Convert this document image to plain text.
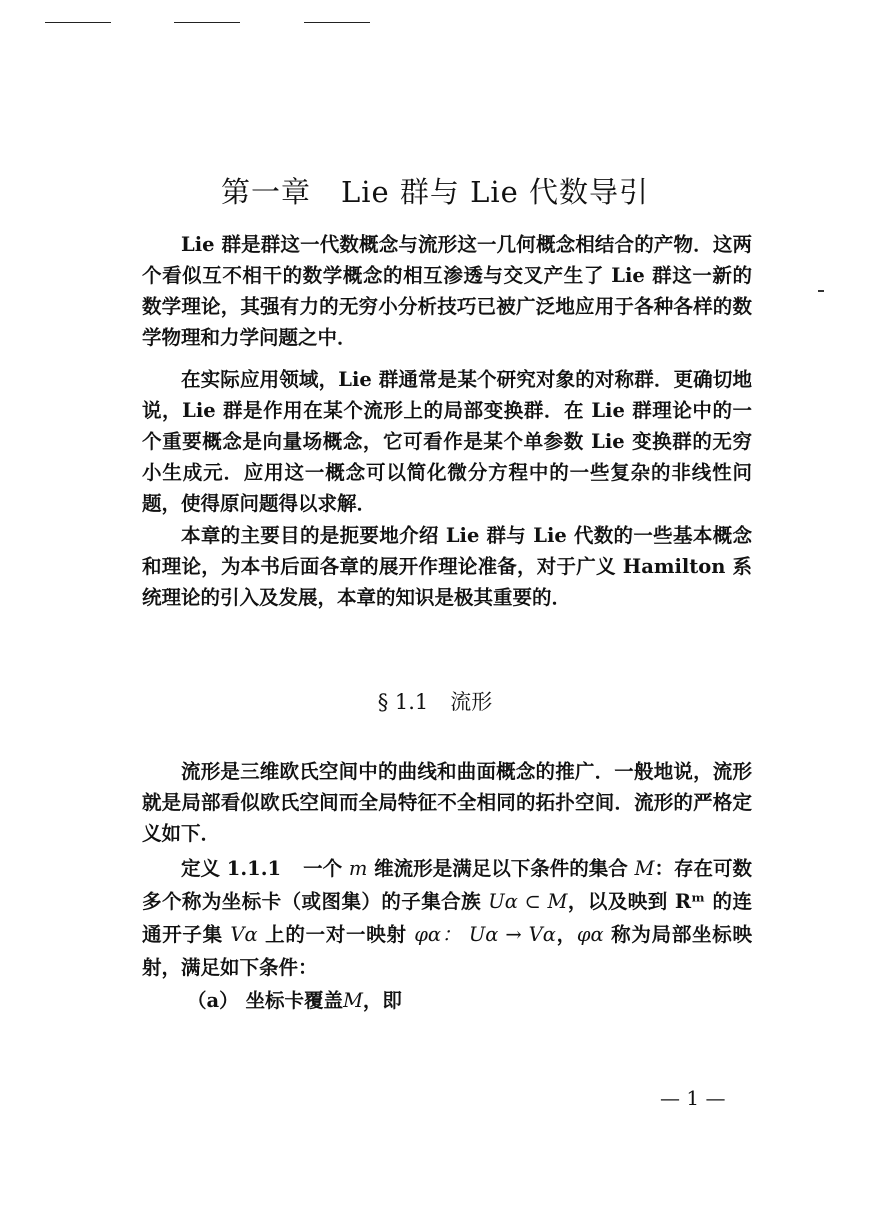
第一章 Lie 群与 Lie 代数导引

Lie 群是群这一代数概念与流形这一几何概念相结合的产物．这两个看似互不相干的数学概念的相互渗透与交叉产生了 Lie 群这一新的数学理论，其强有力的无穷小分析技巧已被广泛地应用于各种各样的数学物理和力学问题之中．

在实际应用领域，Lie 群通常是某个研究对象的对称群．更确切地说，Lie 群是作用在某个流形上的局部变换群．在 Lie 群理论中的一个重要概念是向量场概念，它可看作是某个单参数 Lie 变换群的无穷小生成元．应用这一概念可以简化微分方程中的一些复杂的非线性问题，使得原问题得以求解．

本章的主要目的是扼要地介绍 Lie 群与 Lie 代数的一些基本概念和理论，为本书后面各章的展开作理论准备，对于广义 Hamilton 系统理论的引入及发展，本章的知识是极其重要的．

§ 1.1 流形

流形是三维欧氏空间中的曲线和曲面概念的推广．一般地说，流形就是局部看似欧氏空间而全局特征不全相同的拓扑空间．流形的严格定义如下．

定义 1.1.1 一个 m 维流形是满足以下条件的集合 M：存在可数多个称为坐标卡（或图集）的子集合族 Uα ⊂ M，以及映到 Rᵐ 的连通开子集 Vα 上的一对一映射 φα： Uα → Vα，φα 称为局部坐标映射，满足如下条件：

（a） 坐标卡覆盖M，即

— 1 —
